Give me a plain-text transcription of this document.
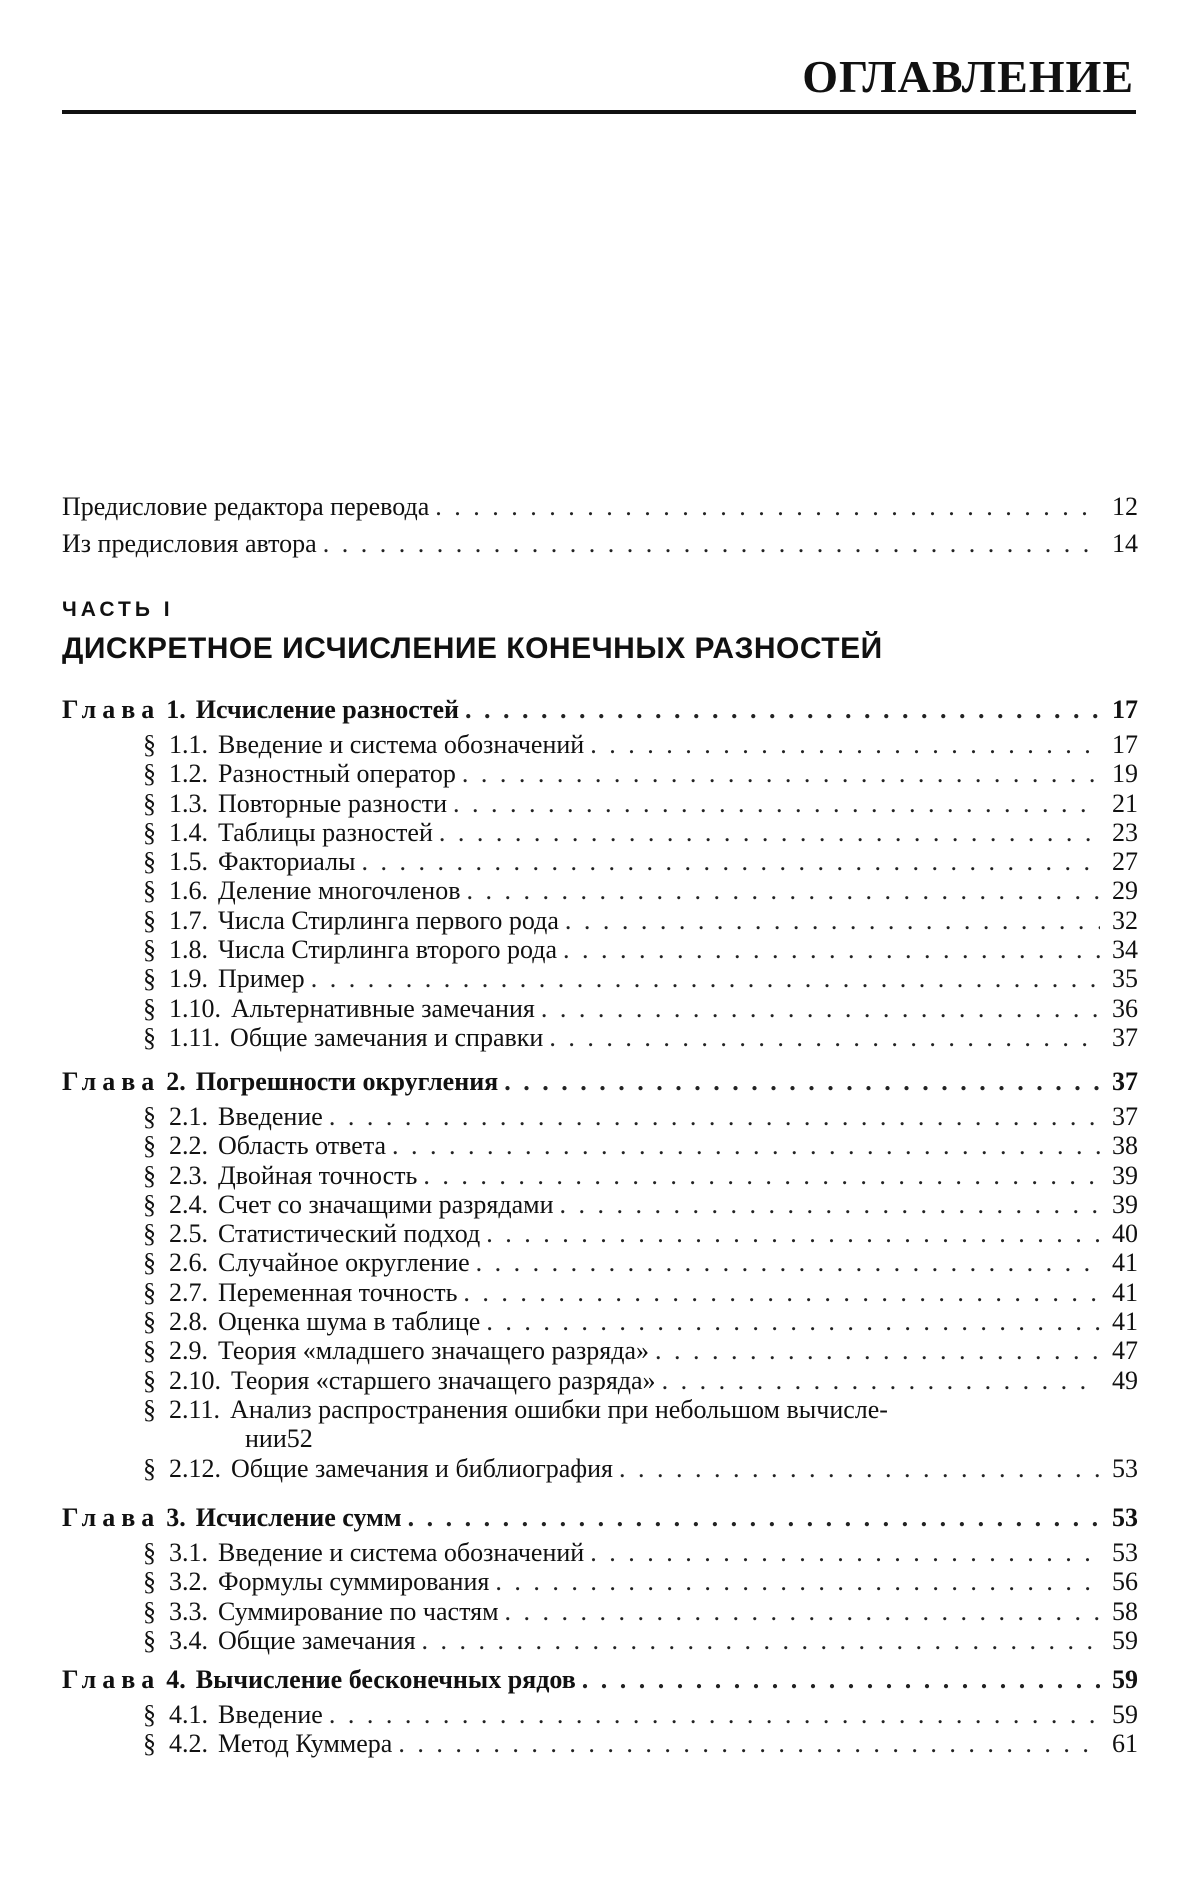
ОГЛАВЛЕНИЕ
Предисловие редактора перевода . . .	12
Из предисловия автора . . .	14
ЧАСТЬ I
ДИСКРЕТНОЕ ИСЧИСЛЕНИЕ КОНЕЧНЫХ РАЗНОСТЕЙ
Глава 1. Исчисление разностей . . .	17
§ 1.1. Введение и система обозначений . . .	17
§ 1.2. Разностный оператор . . .	19
§ 1.3. Повторные разности . . .	21
§ 1.4. Таблицы разностей . . .	23
§ 1.5. Факториалы . . .	27
§ 1.6. Деление многочленов . . .	29
§ 1.7. Числа Стирлинга первого рода . . .	32
§ 1.8. Числа Стирлинга второго рода . . .	34
§ 1.9. Пример . . .	35
§ 1.10. Альтернативные замечания . . .	36
§ 1.11. Общие замечания и справки . . .	37
Глава 2. Погрешности округления . . .	37
§ 2.1. Введение . . .	37
§ 2.2. Область ответа . . .	38
§ 2.3. Двойная точность . . .	39
§ 2.4. Счет со значащими разрядами . . .	39
§ 2.5. Статистический подход . . .	40
§ 2.6. Случайное округление . . .	41
§ 2.7. Переменная точность . . .	41
§ 2.8. Оценка шума в таблице . . .	41
§ 2.9. Теория «младшего значащего разряда» . . .	47
§ 2.10. Теория «старшего значащего разряда» . . .	49
§ 2.11. Анализ распространения ошибки при небольшом вычисле-
нии 52
§ 2.12. Общие замечания и библиография . . .	53
Глава 3. Исчисление сумм . . .	53
§ 3.1. Введение и система обозначений . . .	53
§ 3.2. Формулы суммирования . . .	56
§ 3.3. Суммирование по частям . . .	58
§ 3.4. Общие замечания . . .	59
Глава 4. Вычисление бесконечных рядов . . .	59
§ 4.1. Введение . . .	59
§ 4.2. Метод Куммера . . .	61
